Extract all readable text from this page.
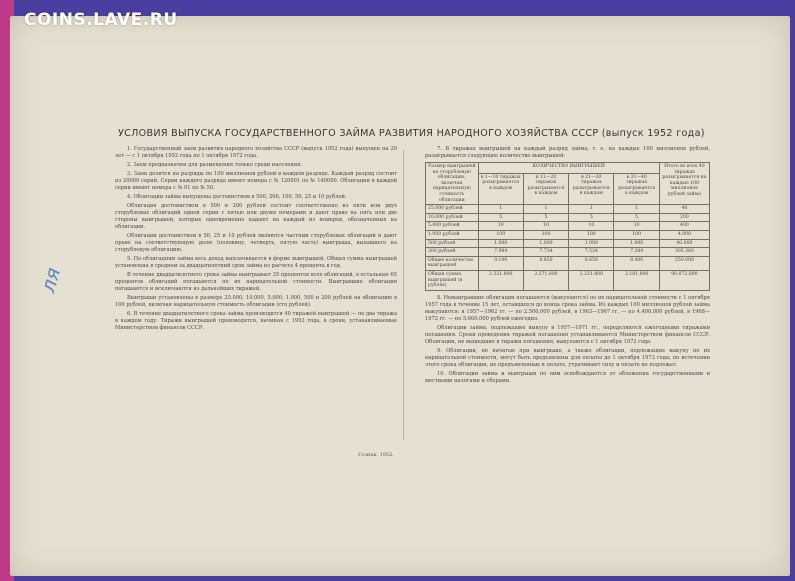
COINS.LAVE.RU
ля
УСЛОВИЯ ВЫПУСКА ГОСУДАРСТВЕННОГО ЗАЙМА РАЗВИТИЯ НАРОДНОГО ХОЗЯЙСТВА СССР (выпуск 1952 года)

1. Государственный заем развития народного хозяйства СССР (выпуск 1952 года) выпущен на 20 лет — с 1 октября 1952 года по 1 октября 1972 года.

2. Заем предназначен для размещения только среди населения.

3. Заем делится на разряды по 100 миллионов рублей в каждом разряде. Каждый разряд состоит из 20000 серий. Серии каждого разряда имеют номера с № 120001 по № 140000. Облигации в каждой серии имеют номера с № 01 по № 50.

4. Облигации займа выпущены достоинством в 500, 200, 100, 50, 25 и 10 рублей.

Облигация достоинством в 500 и 200 рублей состоит соответственно из пяти или двух сторублевых облигаций одной серии с пятью или двумя номерами и дают право на пять или две стороны выигрышей, которые одновременно падают на каждый из номеров, обозначенных на облигации.

Облигации достоинством в 50, 25 и 10 рублей являются частями сторублевых облигаций и дают право на соответствующую долю (половину, четверть, пятую часть) выигрыша, выпавшего на сторублевую облигацию.

5. По облигациям займа весь доход выплачивается в форме выигрышей. Общая сумма выигрышей установлена в среднем за двадцатилетний срок займа из расчета 4 процента в год.

В течение двадцатилетнего срока займа выигрывает 35 процентов всех облигаций, в остальные 65 процентов облигаций погашаются по их нарицательной стоимости. Выигравшие облигации погашаются и исключаются из дальнейших тиражей.

Выигрыши установлены в размере 25.000, 10.000, 5.000, 1.000, 500 и 200 рублей на облигацию в 100 рублей, включая нарицательную стоимость облигации (сто рублей).

6. В течение двадцатилетнего срока займа производится 40 тиражей выигрышей — по два тиража в каждом году. Тиражи выигрышей производятся, начиная с 1953 года, в сроки, устанавливаемые Министерством финансов СССР.

7. В тиражах выигрышей на каждый разряд займа, т. е. на каждые 100 миллионов рублей, разыгрывается следующее количество выигрышей:

Размер выигрышей на сторублевую облигацию, включая нарицательную стоимость облигации	КОЛИЧЕСТВО ВЫИГРЫШЕЙ				Итого во всех 40 тиражах разыгрывается на каждые 100 миллионов рублей займа
	в 1—10 тиражах разыгрывается в каждом	в 11—20 тиражах разыгрывается в каждом	в 21—30 тиражах разыгрывается в каждом	в 31—40 тиражах разыгрывается в каждом	
25.000 рублей	1	1	1	1	40
10.000 рублей	5	5	5	5	200
5.000 рублей	10	10	10	10	400
1.000 рублей	100	100	100	100	4.000
500 рублей	1.000	1.000	1.000	1.000	40.000
200 рублей	7.984	7.734	7.534	7.284	305.360
Общее количество выигрышей	9.100	8.850	8.650	8.400	350.000
Общая сумма выигрышей (в рублях)	2.321.800	2.271.800	2.231.800	2.181.800	90.072.000

8. Невыигравшие облигации погашаются (выкупаются) по их нарицательной стоимости с 1 октября 1957 года в течение 15 лет, оставшихся до конца срока займа. Из каждых 100 миллионов рублей займа выкупаются: в 1957—1962 гг. — по 2.500.000 рублей, в 1963—1967 гг. — по 4.400.000 рублей, в 1968—1972 гг. — по 5.600.000 рублей ежегодно.

Облигации займа, подлежащие выкупу в 1957—1971 гг., определяются ежегодными тиражами погашения. Сроки проведения тиражей погашения устанавливаются Министерством финансов СССР. Облигации, не вышедшие в тиражи погашения, выкупаются с 1 октября 1972 года.

9. Облигации, не начатые при выигрыше, а также облигации, подлежащие выкупу по их нарицательной стоимости, могут быть предъявлены для оплаты до 1 октября 1973 года; по истечении этого срока облигации, не предъявленные к оплате, утрачивают силу и оплате не подлежат.

10. Облигации займа и выигрыши по ним освобождаются от обложения государственными и местными налогами и сборами.

Гознак. 1952.
